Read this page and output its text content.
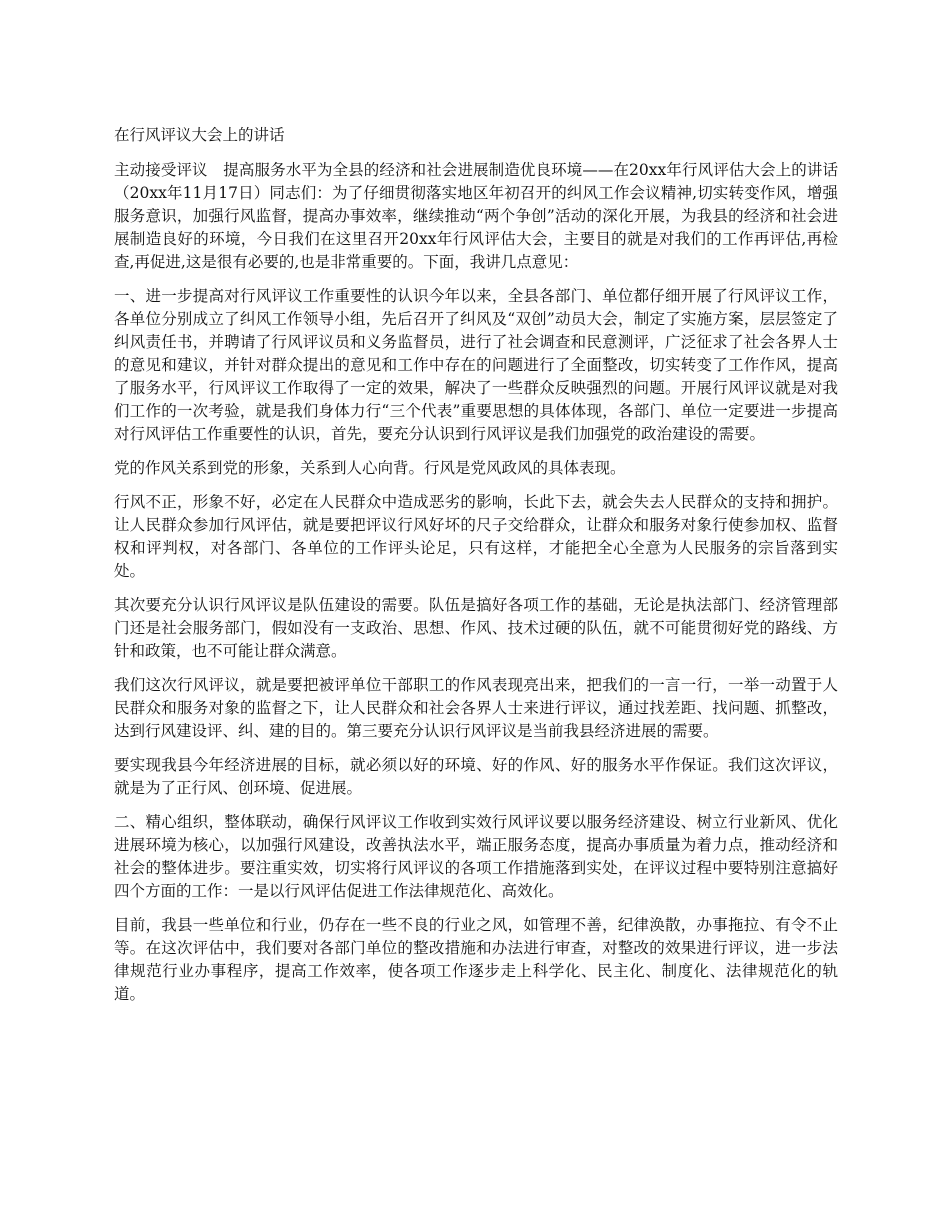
在行风评议大会上的讲话

主动接受评议　提高服务水平为全县的经济和社会进展制造优良环境——在20xx年行风评估大会上的讲话（20xx年11月17日）同志们：为了仔细贯彻落实地区年初召开的纠风工作会议精神,切实转变作风，增强服务意识，加强行风监督，提高办事效率，继续推动“两个争创”活动的深化开展，为我县的经济和社会进展制造良好的环境，今日我们在这里召开20xx年行风评估大会，主要目的就是对我们的工作再评估,再检查,再促进,这是很有必要的,也是非常重要的。下面，我讲几点意见：

一、进一步提高对行风评议工作重要性的认识今年以来，全县各部门、单位都仔细开展了行风评议工作，各单位分别成立了纠风工作领导小组，先后召开了纠风及“双创”动员大会，制定了实施方案，层层签定了纠风责任书，并聘请了行风评议员和义务监督员，进行了社会调查和民意测评，广泛征求了社会各界人士的意见和建议，并针对群众提出的意见和工作中存在的问题进行了全面整改，切实转变了工作作风，提高了服务水平，行风评议工作取得了一定的效果，解决了一些群众反映强烈的问题。开展行风评议就是对我们工作的一次考验，就是我们身体力行“三个代表”重要思想的具体体现，各部门、单位一定要进一步提高对行风评估工作重要性的认识，首先，要充分认识到行风评议是我们加强党的政治建设的需要。

党的作风关系到党的形象，关系到人心向背。行风是党风政风的具体表现。

行风不正，形象不好，必定在人民群众中造成恶劣的影响，长此下去，就会失去人民群众的支持和拥护。让人民群众参加行风评估，就是要把评议行风好坏的尺子交给群众，让群众和服务对象行使参加权、监督权和评判权，对各部门、各单位的工作评头论足，只有这样，才能把全心全意为人民服务的宗旨落到实处。

其次要充分认识行风评议是队伍建设的需要。队伍是搞好各项工作的基础，无论是执法部门、经济管理部门还是社会服务部门，假如没有一支政治、思想、作风、技术过硬的队伍，就不可能贯彻好党的路线、方针和政策，也不可能让群众满意。

我们这次行风评议，就是要把被评单位干部职工的作风表现亮出来，把我们的一言一行，一举一动置于人民群众和服务对象的监督之下，让人民群众和社会各界人士来进行评议，通过找差距、找问题、抓整改，达到行风建设评、纠、建的目的。第三要充分认识行风评议是当前我县经济进展的需要。

要实现我县今年经济进展的目标，就必须以好的环境、好的作风、好的服务水平作保证。我们这次评议，就是为了正行风、创环境、促进展。

二、精心组织，整体联动，确保行风评议工作收到实效行风评议要以服务经济建设、树立行业新风、优化进展环境为核心，以加强行风建设，改善执法水平，端正服务态度，提高办事质量为着力点，推动经济和社会的整体进步。要注重实效，切实将行风评议的各项工作措施落到实处，在评议过程中要特别注意搞好四个方面的工作：一是以行风评估促进工作法律规范化、高效化。

目前，我县一些单位和行业，仍存在一些不良的行业之风，如管理不善，纪律涣散，办事拖拉、有令不止等。在这次评估中，我们要对各部门单位的整改措施和办法进行审查，对整改的效果进行评议，进一步法律规范行业办事程序，提高工作效率，使各项工作逐步走上科学化、民主化、制度化、法律规范化的轨道。
